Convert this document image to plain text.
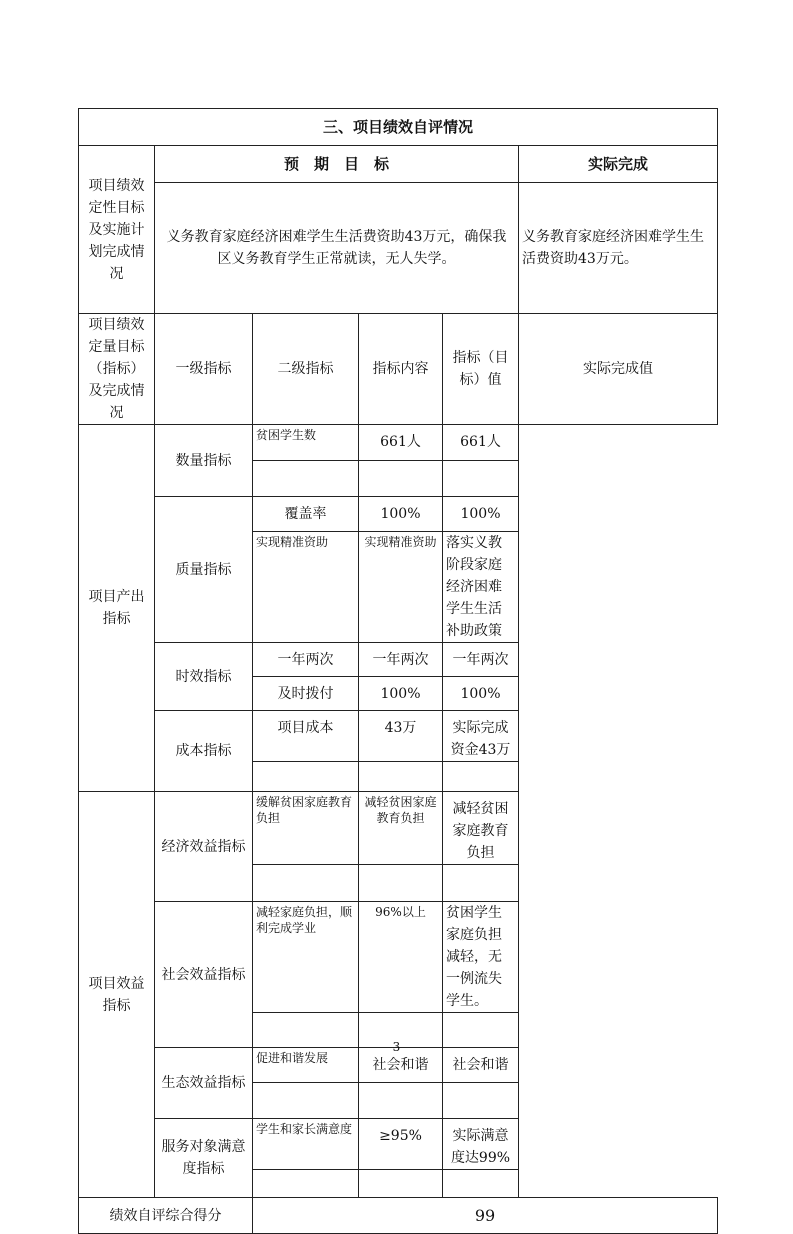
三、项目绩效自评情况					
项目绩效定性目标及实施计划完成情况	预　期　目　标				实际完成
	义务教育家庭经济困难学生生活费资助43万元，确保我区义务教育学生正常就读，无人失学。				义务教育家庭经济困难学生生活费资助43万元。
项目绩效定量目标（指标）及完成情况	一级指标	二级指标	指标内容	指标（目标）值	实际完成值
项目产出指标	数量指标	贫困学生数	661人	661人	

	质量指标	覆盖率	100%	100%	
		实现精准资助	实现精准资助	落实义教阶段家庭经济困难学生生活补助政策	
	时效指标	一年两次	一年两次	一年两次	
		及时拨付	100%	100%	
	成本指标	项目成本	43万	实际完成资金43万	

项目效益指标	经济效益指标	缓解贫困家庭教育负担	减轻贫困家庭教育负担	减轻贫困家庭教育负担	

	社会效益指标	减轻家庭负担，顺利完成学业	96%以上	贫困学生家庭负担减轻，无一例流失学生。	

	生态效益指标	促进和谐发展	社会和谐	社会和谐	

	服务对象满意度指标	学生和家长满意度	≥95%	实际满意度达99%	

绩效自评综合得分		99			
3
